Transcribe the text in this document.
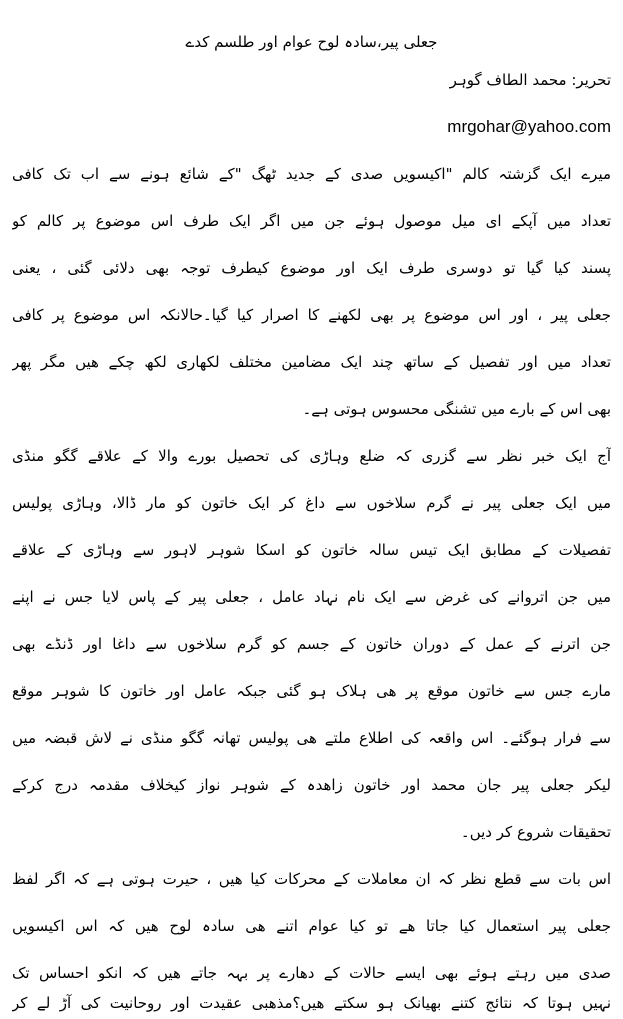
جعلی پیر،سادہ لوح عوام اور طلسم کدے
تحریر: محمد الطاف گوہر
mrgohar@yahoo.com
میرے ایک گزشتہ کالم "اکیسویں صدی کے جدید ٹھگ "کے شائع ہونے سے اب تک کافی
تعداد میں آپکے ای میل موصول ہوئے جن میں اگر ایک طرف اس موضوع پر کالم کو
پسند کیا گیا تو دوسری طرف ایک اور موضوع کیطرف توجہ بھی دلائی گئی ، یعنی
جعلی پیر ، اور اس موضوع پر بھی لکھنے کا اصرار کیا گیا۔حالانکہ اس موضوع پر کافی
تعداد میں اور تفصیل کے ساتھ چند ایک مضامین مختلف لکھاری لکھ چکے ھیں مگر پھر
بھی اس کے بارے میں تشنگی محسوس ہوتی ہے۔
آج ایک خبر نظر سے گزری کہ ضلع وہاڑی کی تحصیل بورے والا کے علاقے گگو منڈی
میں ایک جعلی پیر نے گرم سلاخوں سے داغ کر ایک خاتون کو مار ڈالا، وہاڑی پولیس
تفصیلات کے مطابق ایک تیس سالہ خاتون کو اسکا شوہر لاہور سے وہاڑی کے علاقے
میں جن اتروانے کی غرض سے ایک نام نہاد عامل ، جعلی پیر کے پاس لایا جس نے اپنے
جن اترنے کے عمل کے دوران خاتون کے جسم کو گرم سلاخوں سے داغا اور ڈنڈے بھی
مارے جس سے خاتون موقع پر ھی ہلاک ہو گئی جبکہ عامل اور خاتون کا شوہر موقع
سے فرار ہوگئے۔ اس واقعہ کی اطلاع ملتے ھی پولیس تھانہ گگو منڈی نے لاش قبضہ میں
لیکر جعلی پیر جان محمد اور خاتون زاھدہ کے شوہر نواز کیخلاف مقدمہ درج کرکے
تحقیقات شروع کر دیں۔
اس بات سے قطع نظر کہ ان معاملات کے محرکات کیا ھیں ، حیرت ہوتی ہے کہ اگر لفظ
جعلی پیر استعمال کیا جاتا ھے تو کیا عوام اتنے ھی سادہ لوح ھیں کہ اس اکیسویں
صدی میں رہتے ہوئے بھی ایسے حالات کے دھارے پر بہہ جاتے ھیں کہ انکو احساس تک
نہیں ہوتا کہ نتائج کتنے بھیانک ہو سکتے ھیں؟مذھبی عقیدت اور روحانیت کی آڑ لے کر
